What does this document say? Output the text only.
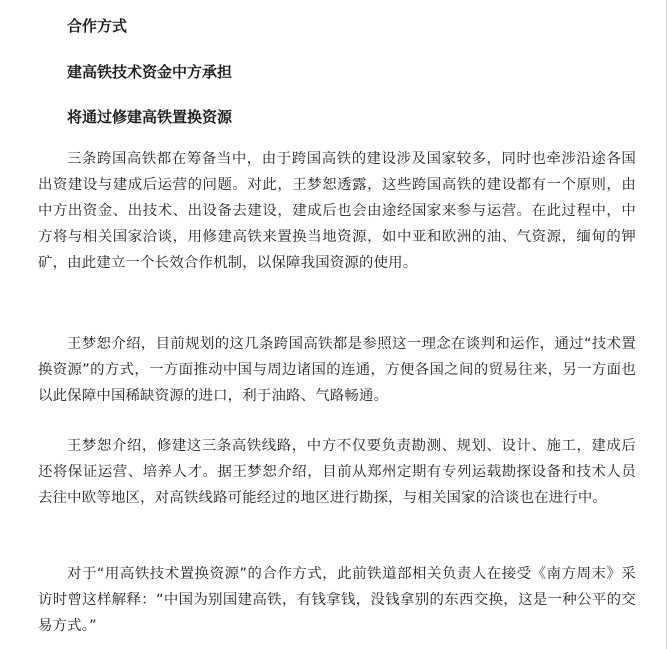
合作方式
建高铁技术资金中方承担
将通过修建高铁置换资源

三条跨国高铁都在筹备当中，由于跨国高铁的建设涉及国家较多，同时也牵涉沿途各国出资建设与建成后运营的问题。对此，王梦恕透露，这些跨国高铁的建设都有一个原则，由中方出资金、出技术、出设备去建设，建成后也会由途经国家来参与运营。在此过程中，中方将与相关国家洽谈，用修建高铁来置换当地资源，如中亚和欧洲的油、气资源，缅甸的钾矿，由此建立一个长效合作机制，以保障我国资源的使用。

王梦恕介绍，目前规划的这几条跨国高铁都是参照这一理念在谈判和运作，通过“技术置换资源”的方式，一方面推动中国与周边诸国的连通，方便各国之间的贸易往来，另一方面也以此保障中国稀缺资源的进口，利于油路、气路畅通。

王梦恕介绍，修建这三条高铁线路，中方不仅要负责勘测、规划、设计、施工，建成后还将保证运营、培养人才。据王梦恕介绍，目前从郑州定期有专列运载勘探设备和技术人员去往中欧等地区，对高铁线路可能经过的地区进行勘探，与相关国家的洽谈也在进行中。

对于“用高铁技术置换资源”的合作方式，此前铁道部相关负责人在接受《南方周末》采访时曾这样解释：“中国为别国建高铁，有钱拿钱，没钱拿别的东西交换，这是一种公平的交易方式。”
